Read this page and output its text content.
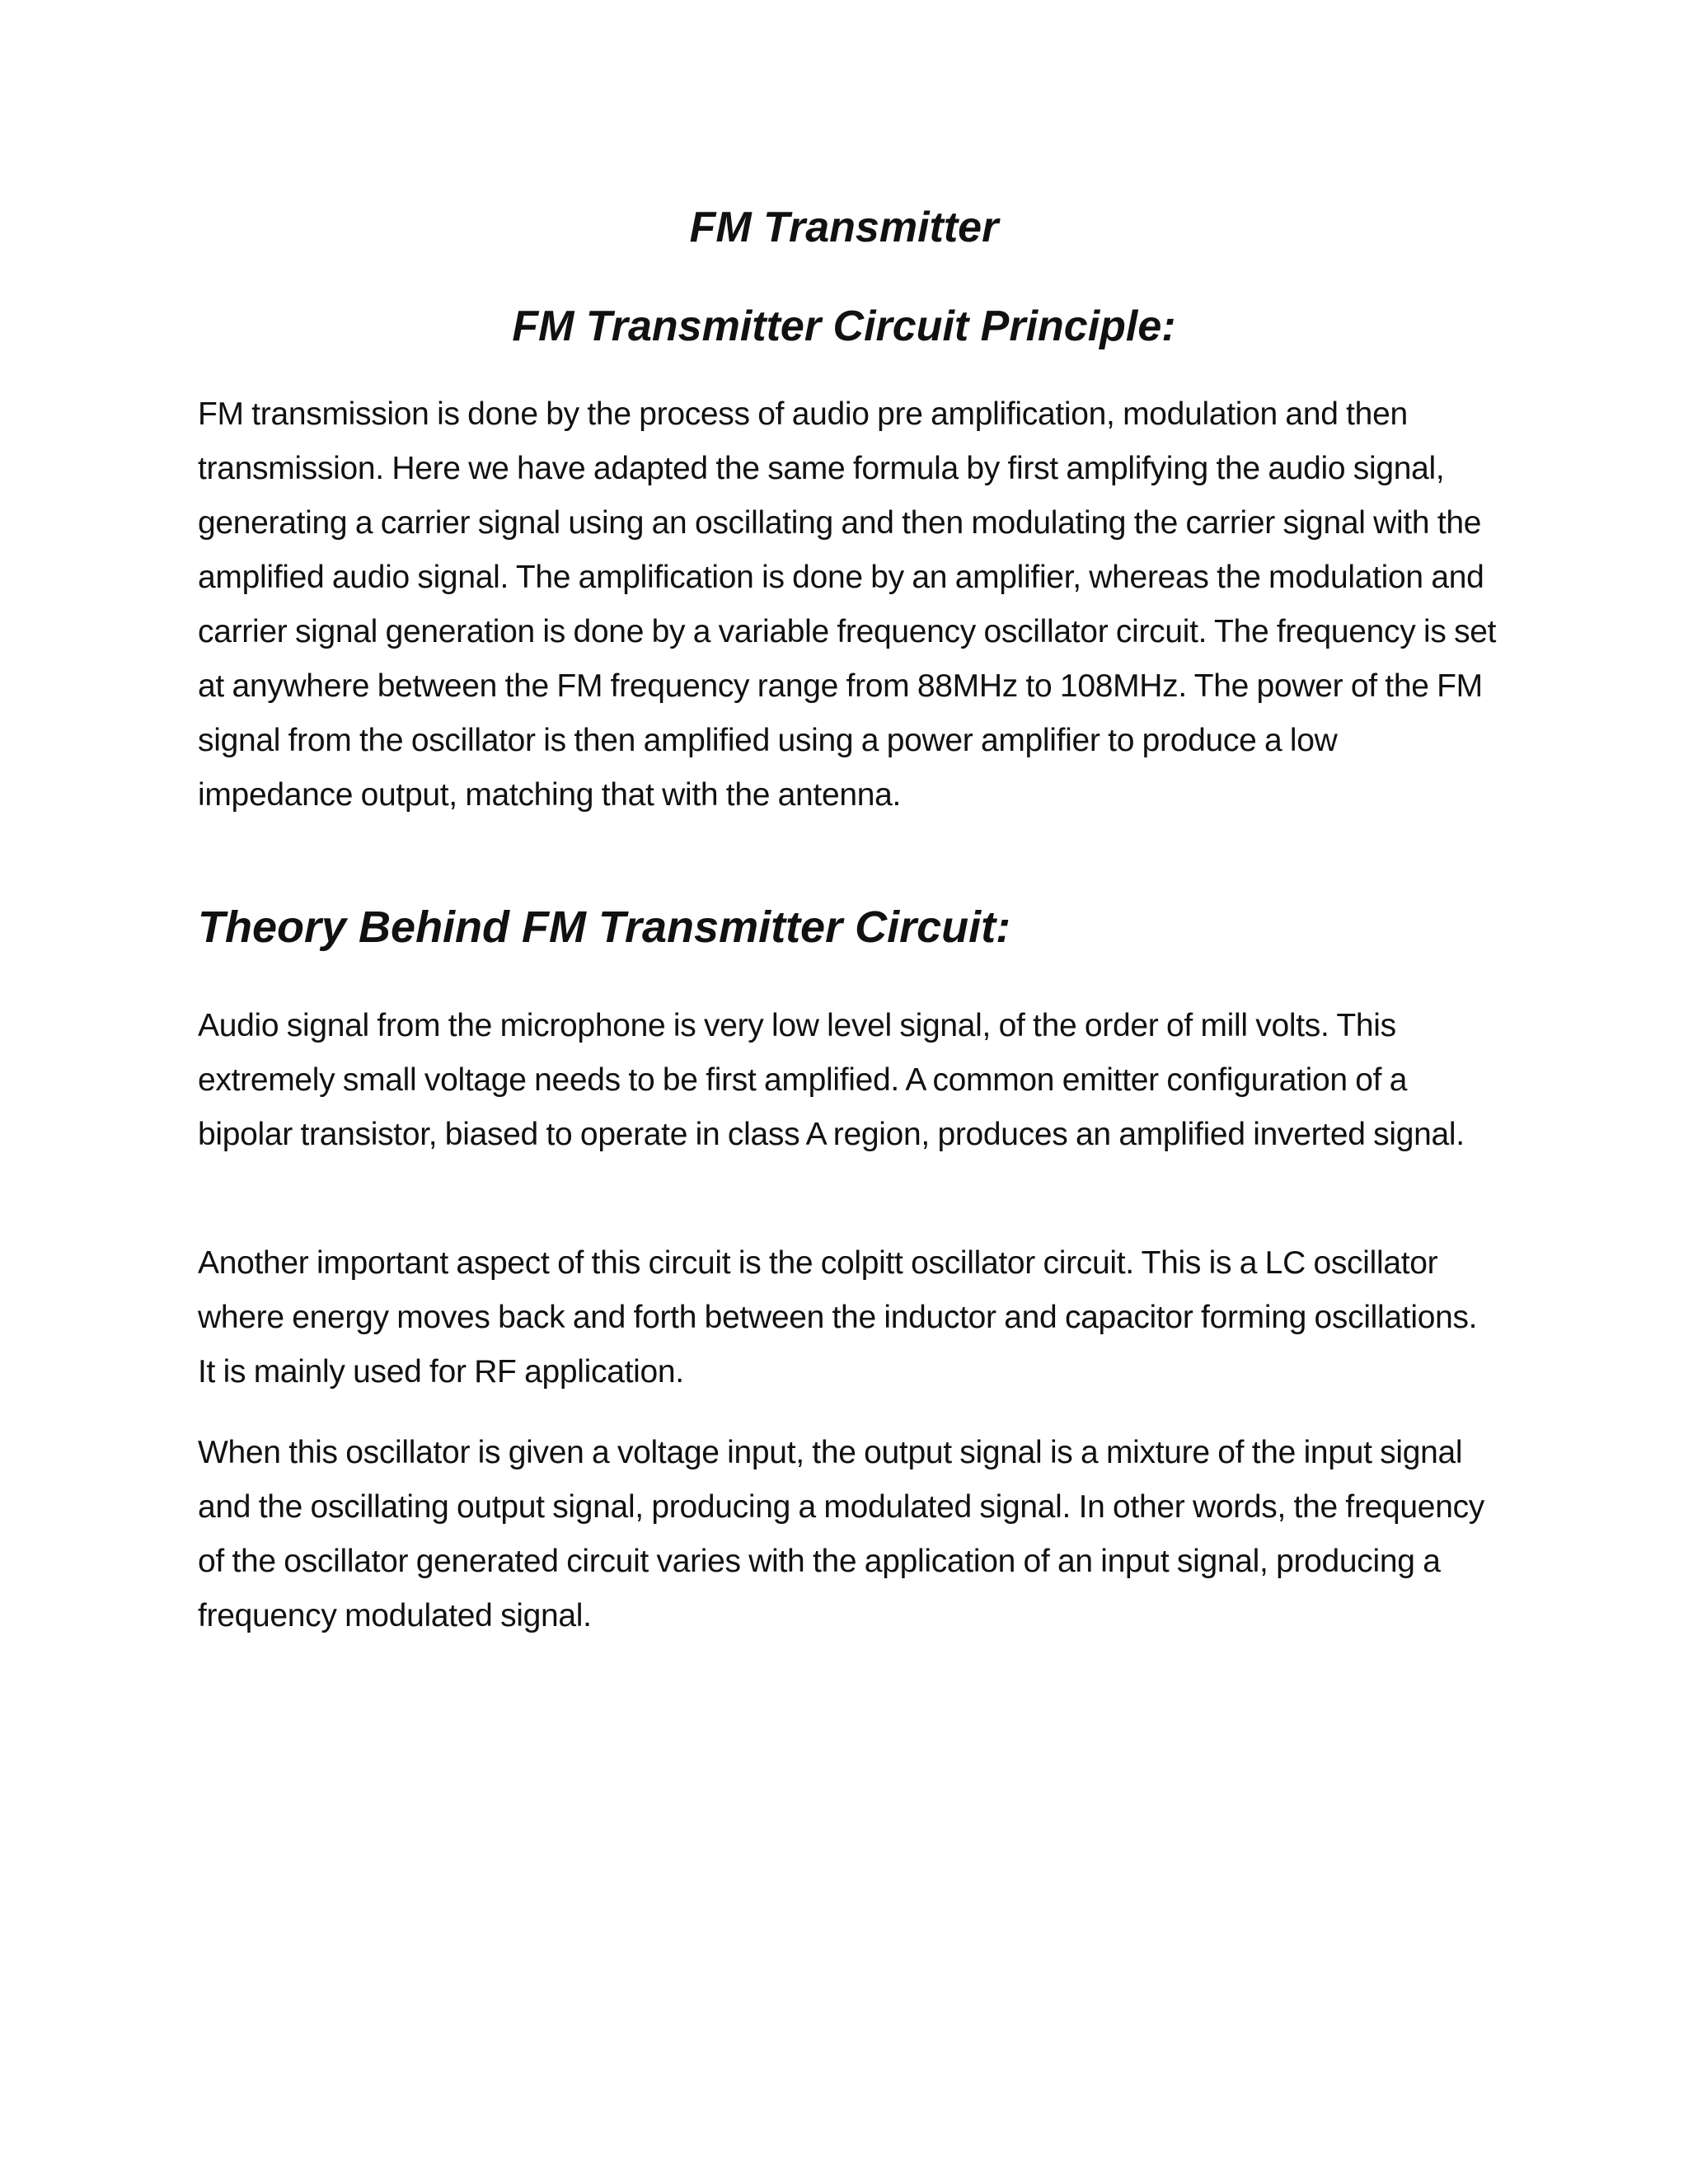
FM Transmitter
FM Transmitter Circuit Principle:

FM transmission is done by the process of audio pre amplification, modulation and then transmission. Here we have adapted the same formula by first amplifying the audio signal, generating a carrier signal using an oscillating and then modulating the carrier signal with the amplified audio signal. The amplification is done by an amplifier, whereas the modulation and carrier signal generation is done by a variable frequency oscillator circuit. The frequency is set at anywhere between the FM frequency range from 88MHz to 108MHz. The power of the FM signal from the oscillator is then amplified using a power amplifier to produce a low impedance output, matching that with the antenna.

Theory Behind FM Transmitter Circuit:

Audio signal from the microphone is very low level signal, of the order of mill volts. This extremely small voltage needs to be first amplified. A common emitter configuration of a bipolar transistor, biased to operate in class A region, produces an amplified inverted signal.

Another important aspect of this circuit is the colpitt oscillator circuit. This is a LC oscillator where energy moves back and forth between the inductor and capacitor forming oscillations. It is mainly used for RF application.

When this oscillator is given a voltage input, the output signal is a mixture of the input signal and the oscillating output signal, producing a modulated signal. In other words, the frequency of the oscillator generated circuit varies with the application of an input signal, producing a frequency modulated signal.
